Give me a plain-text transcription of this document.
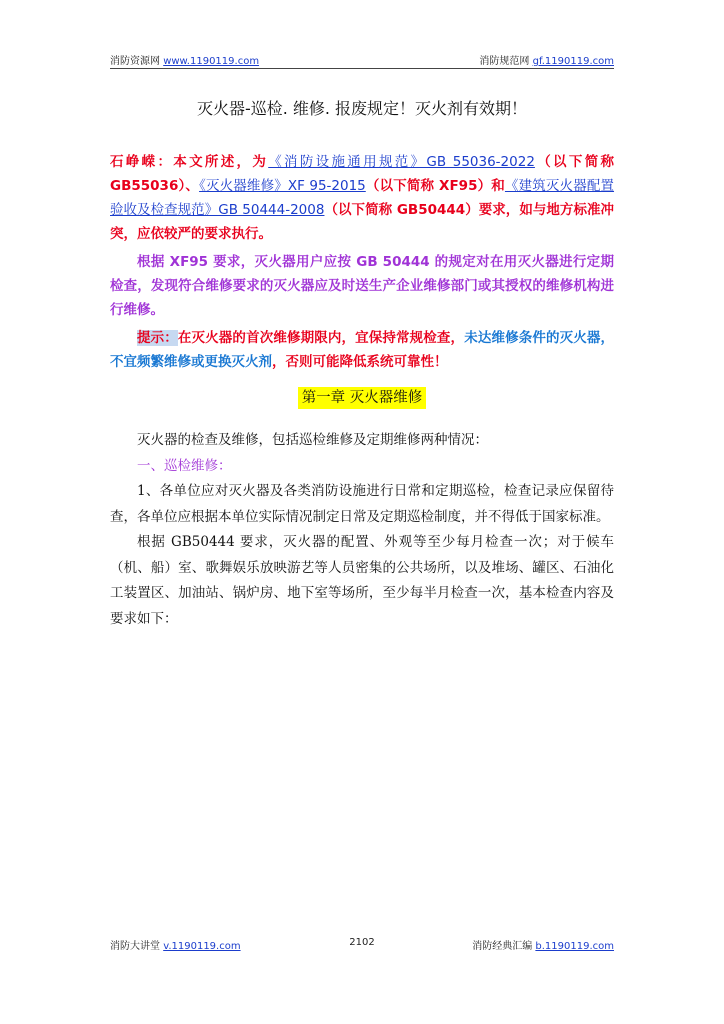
消防资源网 www.1190119.com	消防规范网 gf.1190119.com
灭火器-巡检. 维修. 报废规定！灭火剂有效期！

石峥嵘：本文所述，为《消防设施通用规范》GB 55036-2022（以下简称 GB55036）、《灭火器维修》XF 95-2015（以下简称 XF95）和《建筑灭火器配置验收及检查规范》GB 50444-2008（以下简称 GB50444）要求，如与地方标准冲突，应依较严的要求执行。

根据 XF95 要求，灭火器用户应按 GB 50444 的规定对在用灭火器进行定期检查，发现符合维修要求的灭火器应及时送生产企业维修部门或其授权的维修机构进行维修。

提示：在灭火器的首次维修期限内，宜保持常规检查，未达维修条件的灭火器，不宜频繁维修或更换灭火剂，否则可能降低系统可靠性！

第一章 灭火器维修

灭火器的检查及维修，包括巡检维修及定期维修两种情况：

一、巡检维修：

1、各单位应对灭火器及各类消防设施进行日常和定期巡检，检查记录应保留待查，各单位应根据本单位实际情况制定日常及定期巡检制度，并不得低于国家标准。

根据 GB50444 要求，灭火器的配置、外观等至少每月检查一次；对于候车（机、船）室、歌舞娱乐放映游艺等人员密集的公共场所，以及堆场、罐区、石油化工装置区、加油站、锅炉房、地下室等场所，至少每半月检查一次，基本检查内容及要求如下：

消防大讲堂 v.1190119.com	2102	消防经典汇编 b.1190119.com
